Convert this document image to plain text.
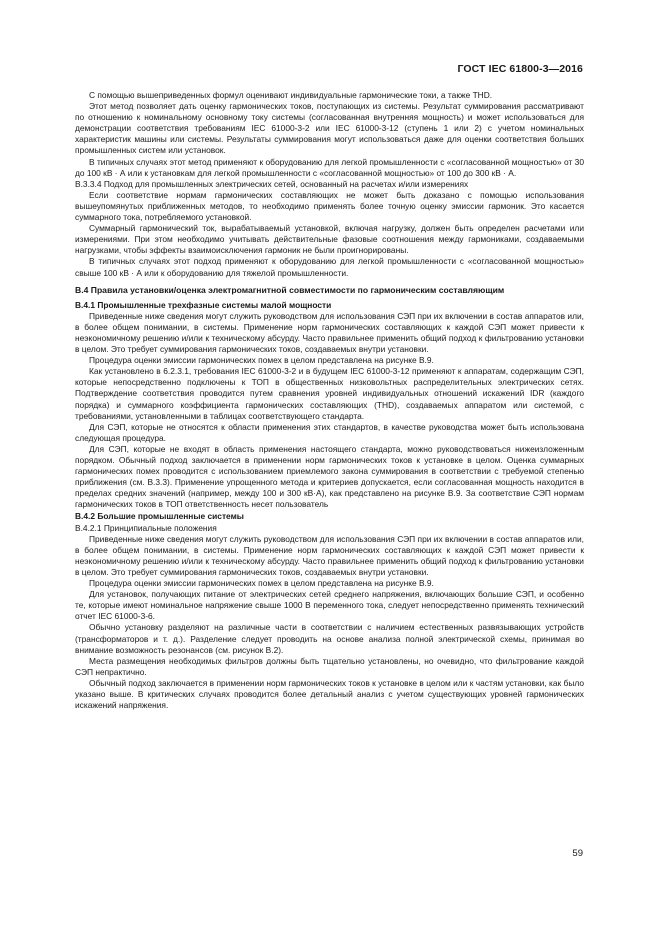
ГОСТ IEC 61800-3—2016

С помощью вышеприведенных формул оценивают индивидуальные гармонические токи, а также THD.

Этот метод позволяет дать оценку гармонических токов, поступающих из системы. Результат суммирования рассматривают по отношению к номинальному основному току системы (согласованная внутренняя мощность) и может использоваться для демонстрации соответствия требованиям IEC 61000-3-2 или IEC 61000-3-12 (ступень 1 или 2) с учетом номинальных характеристик машины или системы. Результаты суммирования могут использоваться даже для оценки соответствия больших промышленных систем или установок.

В типичных случаях этот метод применяют к оборудованию для легкой промышленности с «согласованной мощностью» от 30 до 100 кВ · А или к установкам для легкой промышленности с «согласованной мощностью» от 100 до 300 кВ · А.

В.3.3.4 Подход для промышленных электрических сетей, основанный на расчетах и/или измерениях

Если соответствие нормам гармонических составляющих не может быть доказано с помощью использования вышеупомянутых приближенных методов, то необходимо применять более точную оценку эмиссии гармоник. Это касается суммарного тока, потребляемого установкой.

Суммарный гармонический ток, вырабатываемый установкой, включая нагрузку, должен быть определен расчетами или измерениями. При этом необходимо учитывать действительные фазовые соотношения между гармониками, создаваемыми нагрузками, чтобы эффекты взаимоисключения гармоник не были проигнорированы.

В типичных случаях этот подход применяют к оборудованию для легкой промышленности с «согласованной мощностью» свыше 100 кВ · А или к оборудованию для тяжелой промышленности.

В.4 Правила установки/оценка электромагнитной совместимости по гармоническим составляющим

В.4.1 Промышленные трехфазные системы малой мощности

Приведенные ниже сведения могут служить руководством для использования СЭП при их включении в состав аппаратов или, в более общем понимании, в системы. Применение норм гармонических составляющих к каждой СЭП может привести к неэкономичному решению и/или к техническому абсурду. Часто правильнее применить общий подход к фильтрованию установки в целом. Это требует суммирования гармонических токов, создаваемых внутри установки.

Процедура оценки эмиссии гармонических помех в целом представлена на рисунке В.9.

Как установлено в 6.2.3.1, требования IEC 61000-3-2 и в будущем IEC 61000-3-12 применяют к аппаратам, содержащим СЭП, которые непосредственно подключены к ТОП в общественных низковольтных распределительных электрических сетях. Подтверждение соответствия проводится путем сравнения уровней индивидуальных отношений искажений IDR (каждого порядка) и суммарного коэффициента гармонических составляющих (THD), создаваемых аппаратом или системой, с требованиями, установленными в таблицах соответствующего стандарта.

Для СЭП, которые не относятся к области применения этих стандартов, в качестве руководства может быть использована следующая процедура.

Для СЭП, которые не входят в область применения настоящего стандарта, можно руководствоваться нижеизложенным порядком. Обычный подход заключается в применении норм гармонических токов к установке в целом. Оценка суммарных гармонических помех проводится с использованием приемлемого закона суммирования в соответствии с требуемой степенью приближения (см. В.3.3). Применение упрощенного метода и критериев допускается, если согласованная мощность находится в пределах средних значений (например, между 100 и 300 кВ·А), как представлено на рисунке В.9. За соответствие СЭП нормам гармонических токов в ТОП ответственность несет пользователь

В.4.2 Большие промышленные системы

В.4.2.1 Принципиальные положения

Приведенные ниже сведения могут служить руководством для использования СЭП при их включении в состав аппаратов или, в более общем понимании, в системы. Применение норм гармонических составляющих к каждой СЭП может привести к неэкономичному решению и/или к техническому абсурду. Часто правильнее применить общий подход к фильтрованию установки в целом. Это требует суммирования гармонических токов, создаваемых внутри установки.

Процедура оценки эмиссии гармонических помех в целом представлена на рисунке В.9.

Для установок, получающих питание от электрических сетей среднего напряжения, включающих большие СЭП, и особенно те, которые имеют номинальное напряжение свыше 1000 В переменного тока, следует непосредственно применять технический отчет IEC 61000-3-6.

Обычно установку разделяют на различные части в соответствии с наличием естественных развязывающих устройств (трансформаторов и т. д.). Разделение следует проводить на основе анализа полной электрической схемы, принимая во внимание возможность резонансов (см. рисунок В.2).

Места размещения необходимых фильтров должны быть тщательно установлены, но очевидно, что фильтрование каждой СЭП непрактично.

Обычный подход заключается в применении норм гармонических токов к установке в целом или к частям установки, как было указано выше. В критических случаях проводится более детальный анализ с учетом существующих уровней гармонических искажений напряжения.

59
